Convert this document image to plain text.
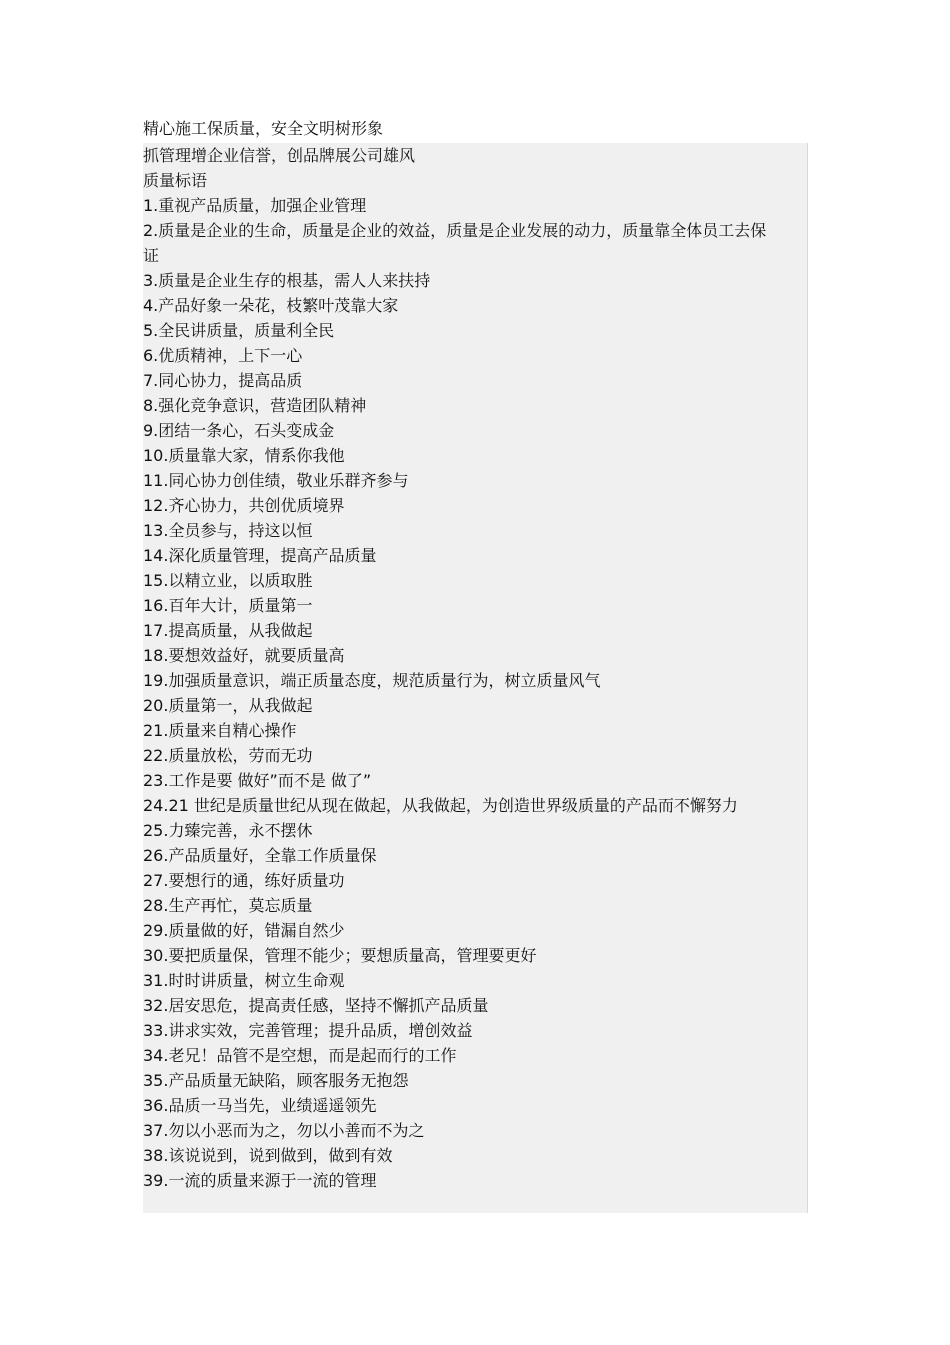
精心施工保质量，安全文明树形象

抓管理增企业信誉，创品牌展公司雄风

质量标语

1.重视产品质量，加强企业管理

2.质量是企业的生命，质量是企业的效益，质量是企业发展的动力，质量靠全体员工去保证

3.质量是企业生存的根基，需人人来扶持

4.产品好象一朵花，枝繁叶茂靠大家

5.全民讲质量，质量利全民

6.优质精神，上下一心

7.同心协力，提高品质

8.强化竞争意识，营造团队精神

9.团结一条心，石头变成金

10.质量靠大家，情系你我他

11.同心协力创佳绩，敬业乐群齐参与

12.齐心协力，共创优质境界

13.全员参与，持这以恒

14.深化质量管理，提高产品质量

15.以精立业，以质取胜

16.百年大计，质量第一

17.提高质量，从我做起

18.要想效益好，就要质量高

19.加强质量意识，端正质量态度，规范质量行为，树立质量风气

20.质量第一，从我做起

21.质量来自精心操作

22.质量放松，劳而无功

23.工作是要 做好”而不是 做了”

24.21 世纪是质量世纪从现在做起，从我做起，为创造世界级质量的产品而不懈努力

25.力臻完善，永不摆休

26.产品质量好，全靠工作质量保

27.要想行的通，练好质量功

28.生产再忙，莫忘质量

29.质量做的好，错漏自然少

30.要把质量保，管理不能少；要想质量高，管理要更好

31.时时讲质量，树立生命观

32.居安思危，提高责任感，坚持不懈抓产品质量

33.讲求实效，完善管理；提升品质，增创效益

34.老兄！品管不是空想，而是起而行的工作

35.产品质量无缺陷，顾客服务无抱怨

36.品质一马当先，业绩遥遥领先

37.勿以小恶而为之，勿以小善而不为之

38.该说说到，说到做到，做到有效

39.一流的质量来源于一流的管理
